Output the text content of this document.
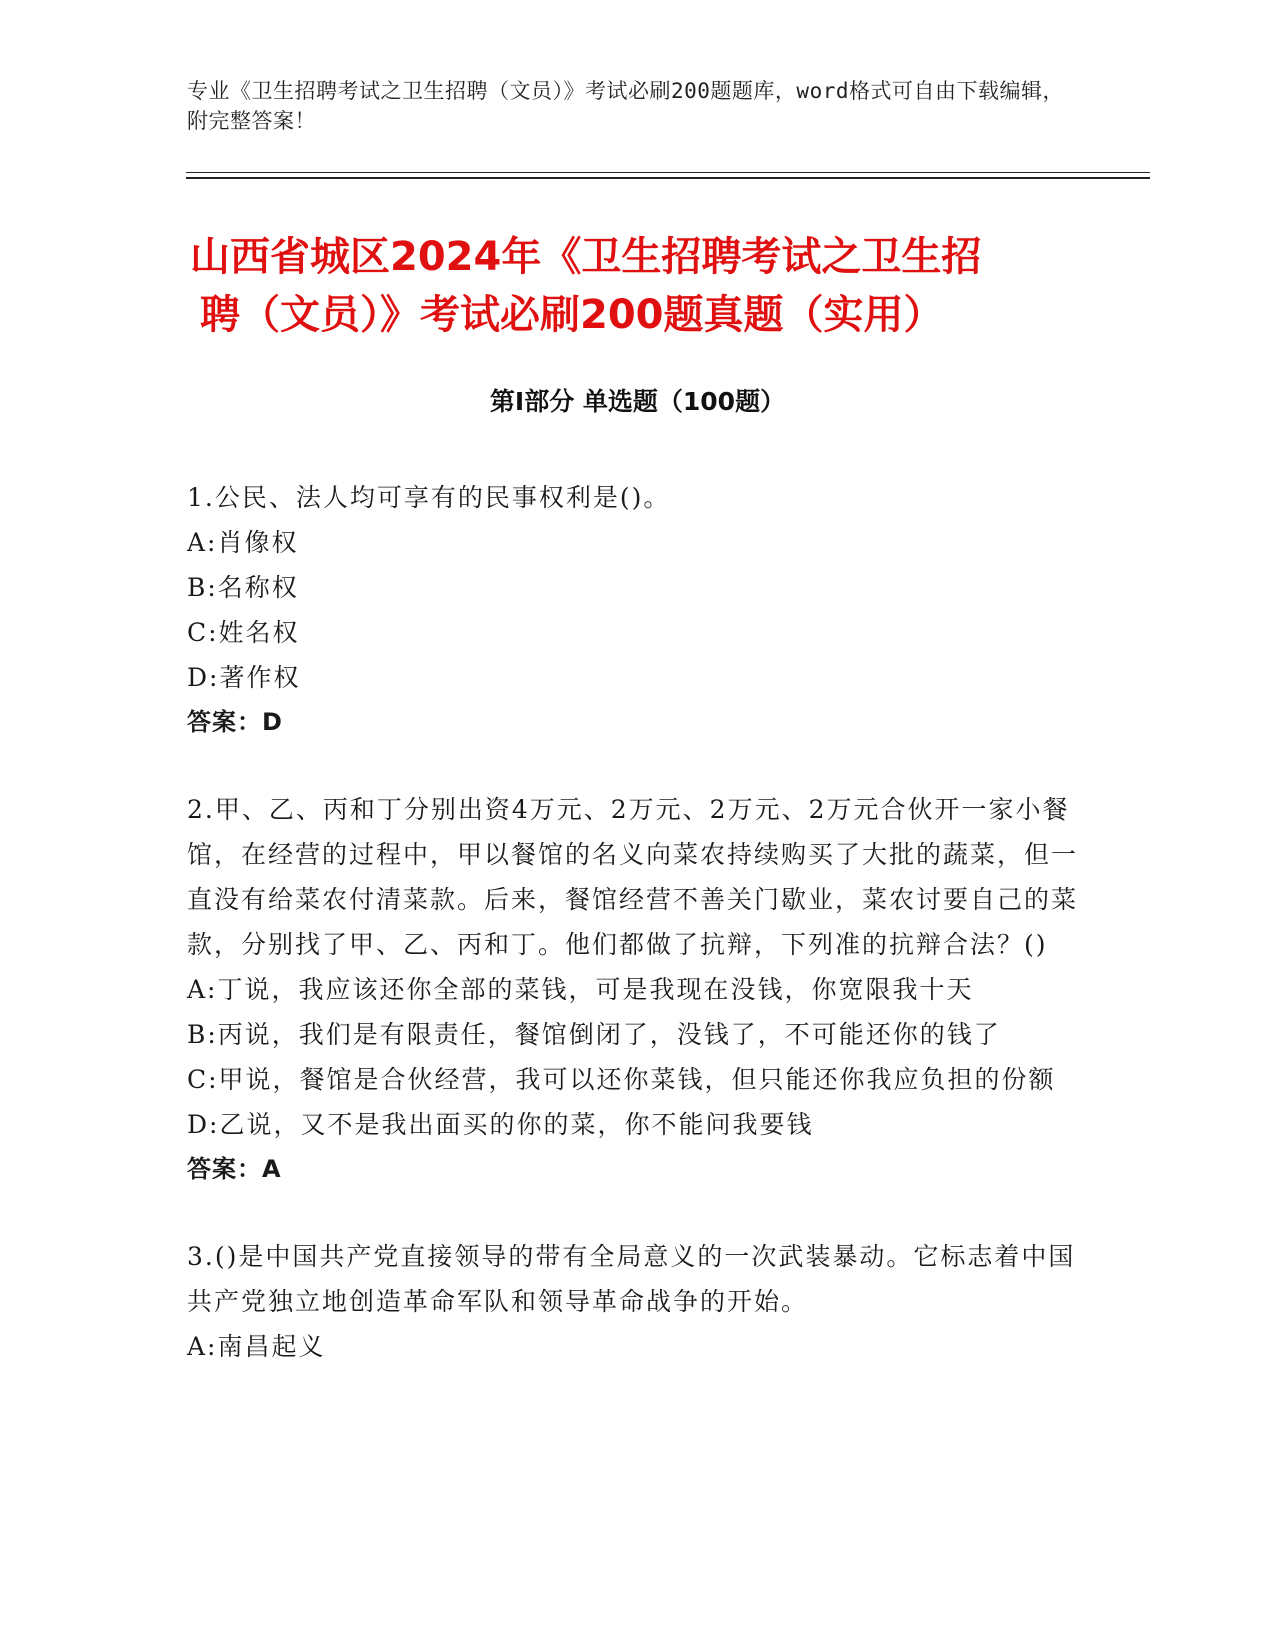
专业《卫生招聘考试之卫生招聘（文员）》考试必刷200题题库，word格式可自由下载编辑，附完整答案！
山西省城区2024年《卫生招聘考试之卫生招
聘（文员）》考试必刷200题真题（实用）
第Ⅰ部分 单选题（100题）
1.公民、法人均可享有的民事权利是()。
A:肖像权
B:名称权
C:姓名权
D:著作权
答案：D
2.甲、乙、丙和丁分别出资4万元、2万元、2万元、2万元合伙开一家小餐馆，在经营的过程中，甲以餐馆的名义向菜农持续购买了大批的蔬菜，但一直没有给菜农付清菜款。后来，餐馆经营不善关门歇业，菜农讨要自己的菜款，分别找了甲、乙、丙和丁。他们都做了抗辩，下列准的抗辩合法？()
A:丁说，我应该还你全部的菜钱，可是我现在没钱，你宽限我十天
B:丙说，我们是有限责任，餐馆倒闭了，没钱了，不可能还你的钱了
C:甲说，餐馆是合伙经营，我可以还你菜钱，但只能还你我应负担的份额
D:乙说，又不是我出面买的你的菜，你不能问我要钱
答案：A
3.()是中国共产党直接领导的带有全局意义的一次武装暴动。它标志着中国共产党独立地创造革命军队和领导革命战争的开始。
A:南昌起义
